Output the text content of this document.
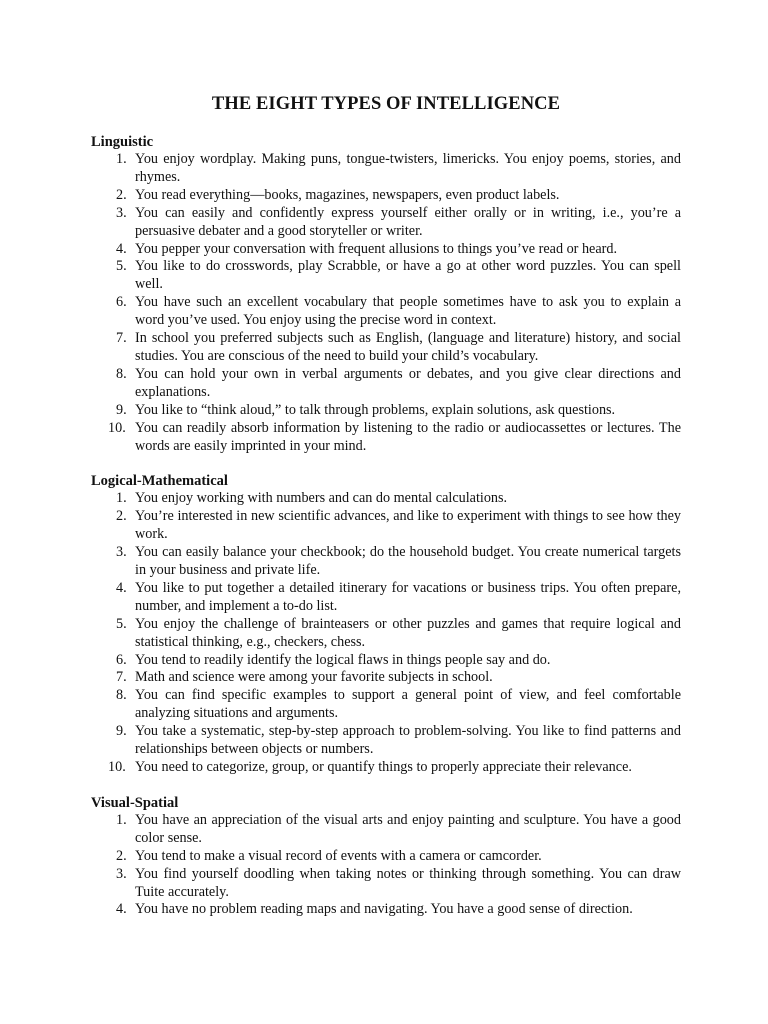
THE EIGHT TYPES OF INTELLIGENCE
Linguistic
1. You enjoy wordplay. Making puns, tongue-twisters, limericks. You enjoy poems, stories, and rhymes.
2. You read everything—books, magazines, newspapers, even product labels.
3. You can easily and confidently express yourself either orally or in writing, i.e., you’re a persuasive debater and a good storyteller or writer.
4. You pepper your conversation with frequent allusions to things you’ve read or heard.
5. You like to do crosswords, play Scrabble, or have a go at other word puzzles. You can spell well.
6. You have such an excellent vocabulary that people sometimes have to ask you to explain a word you’ve used. You enjoy using the precise word in context.
7. In school you preferred subjects such as English, (language and literature) history, and social studies. You are conscious of the need to build your child’s vocabulary.
8. You can hold your own in verbal arguments or debates, and you give clear directions and explanations.
9. You like to “think aloud,” to talk through problems, explain solutions, ask questions.
10. You can readily absorb information by listening to the radio or audiocassettes or lectures. The words are easily imprinted in your mind.
Logical-Mathematical
1. You enjoy working with numbers and can do mental calculations.
2. You’re interested in new scientific advances, and like to experiment with things to see how they work.
3. You can easily balance your checkbook; do the household budget. You create numerical targets in your business and private life.
4. You like to put together a detailed itinerary for vacations or business trips. You often prepare, number, and implement a to-do list.
5. You enjoy the challenge of brainteasers or other puzzles and games that require logical and statistical thinking, e.g., checkers, chess.
6. You tend to readily identify the logical flaws in things people say and do.
7. Math and science were among your favorite subjects in school.
8. You can find specific examples to support a general point of view, and feel comfortable analyzing situations and arguments.
9. You take a systematic, step-by-step approach to problem-solving. You like to find patterns and relationships between objects or numbers.
10. You need to categorize, group, or quantify things to properly appreciate their relevance.
Visual-Spatial
1. You have an appreciation of the visual arts and enjoy painting and sculpture. You have a good color sense.
2. You tend to make a visual record of events with a camera or camcorder.
3. You find yourself doodling when taking notes or thinking through something. You can draw Tuite accurately.
4. You have no problem reading maps and navigating. You have a good sense of direction.
